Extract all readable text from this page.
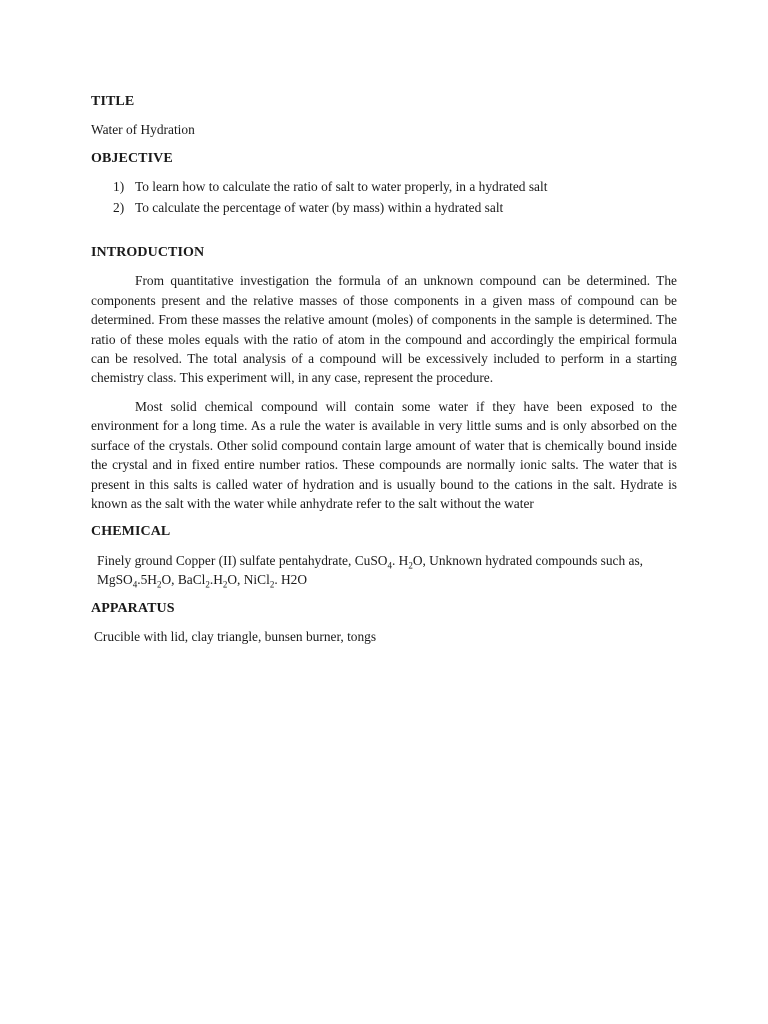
TITLE

Water of Hydration

OBJECTIVE
1) To learn how to calculate the ratio of salt to water properly, in a hydrated salt
2) To calculate the percentage of water (by mass) within a hydrated salt
INTRODUCTION

From quantitative investigation the formula of an unknown compound can be determined. The components present and the relative masses of those components in a given mass of compound can be determined. From these masses the relative amount (moles) of components in the sample is determined. The ratio of these moles equals with the ratio of atom in the compound and accordingly the empirical formula can be resolved. The total analysis of a compound will be excessively included to perform in a starting chemistry class. This experiment will, in any case, represent the procedure.

Most solid chemical compound will contain some water if they have been exposed to the environment for a long time. As a rule the water is available in very little sums and is only absorbed on the surface of the crystals. Other solid compound contain large amount of water that is chemically bound inside the crystal and in fixed entire number ratios. These compounds are normally ionic salts. The water that is present in this salts is called water of hydration and is usually bound to the cations in the salt. Hydrate is known as the salt with the water while anhydrate refer to the salt without the water

CHEMICAL

Finely ground Copper (II) sulfate pentahydrate, CuSO$_4$. $H_2O$, Unknown hydrated compounds such as, $MgSO_4.5H_2O$, $BaCl_2.H_2O$, NiCl$_2$. H2O

APPARATUS

Crucible with lid, clay triangle, bunsen burner, tongs
